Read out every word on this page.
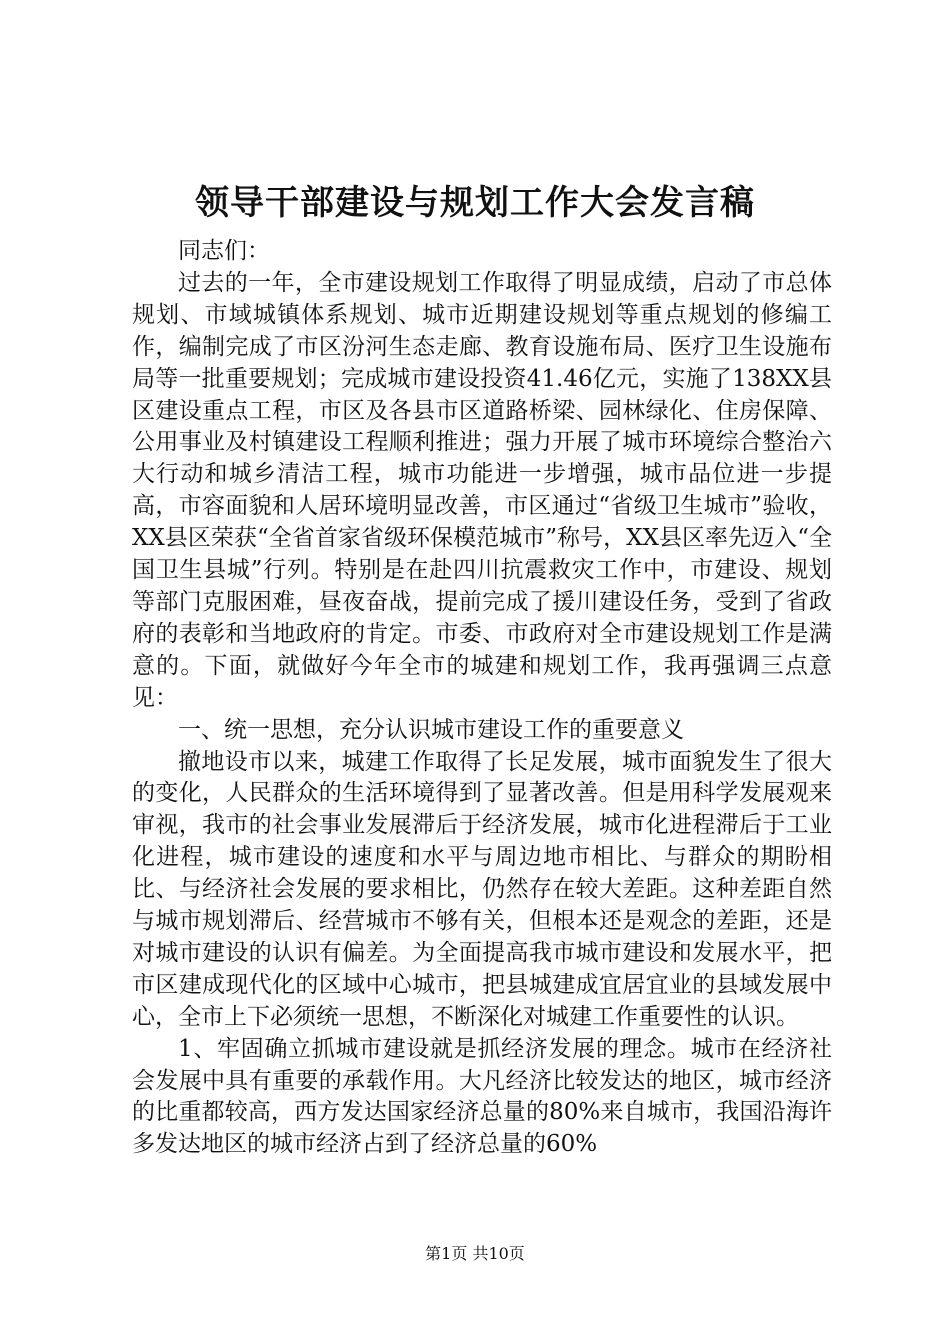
领导干部建设与规划工作大会发言稿

同志们：

过去的一年，全市建设规划工作取得了明显成绩，启动了市总体规划、市域城镇体系规划、城市近期建设规划等重点规划的修编工作，编制完成了市区汾河生态走廊、教育设施布局、医疗卫生设施布局等一批重要规划；完成城市建设投资41.46亿元，实施了138XX县区建设重点工程，市区及各县市区道路桥梁、园林绿化、住房保障、公用事业及村镇建设工程顺利推进；强力开展了城市环境综合整治六大行动和城乡清洁工程，城市功能进一步增强，城市品位进一步提高，市容面貌和人居环境明显改善，市区通过“省级卫生城市”验收，XX县区荣获“全省首家省级环保模范城市”称号，XX县区率先迈入“全国卫生县城”行列。特别是在赴四川抗震救灾工作中，市建设、规划等部门克服困难，昼夜奋战，提前完成了援川建设任务，受到了省政府的表彰和当地政府的肯定。市委、市政府对全市建设规划工作是满意的。下面，就做好今年全市的城建和规划工作，我再强调三点意见：

一、统一思想，充分认识城市建设工作的重要意义

撤地设市以来，城建工作取得了长足发展，城市面貌发生了很大的变化，人民群众的生活环境得到了显著改善。但是用科学发展观来审视，我市的社会事业发展滞后于经济发展，城市化进程滞后于工业化进程，城市建设的速度和水平与周边地市相比、与群众的期盼相比、与经济社会发展的要求相比，仍然存在较大差距。这种差距自然与城市规划滞后、经营城市不够有关，但根本还是观念的差距，还是对城市建设的认识有偏差。为全面提高我市城市建设和发展水平，把市区建成现代化的区域中心城市，把县城建成宜居宜业的县域发展中心，全市上下必须统一思想，不断深化对城建工作重要性的认识。

1、牢固确立抓城市建设就是抓经济发展的理念。城市在经济社会发展中具有重要的承载作用。大凡经济比较发达的地区，城市经济的比重都较高，西方发达国家经济总量的80%来自城市，我国沿海许多发达地区的城市经济占到了经济总量的60%

第1页 共10页
